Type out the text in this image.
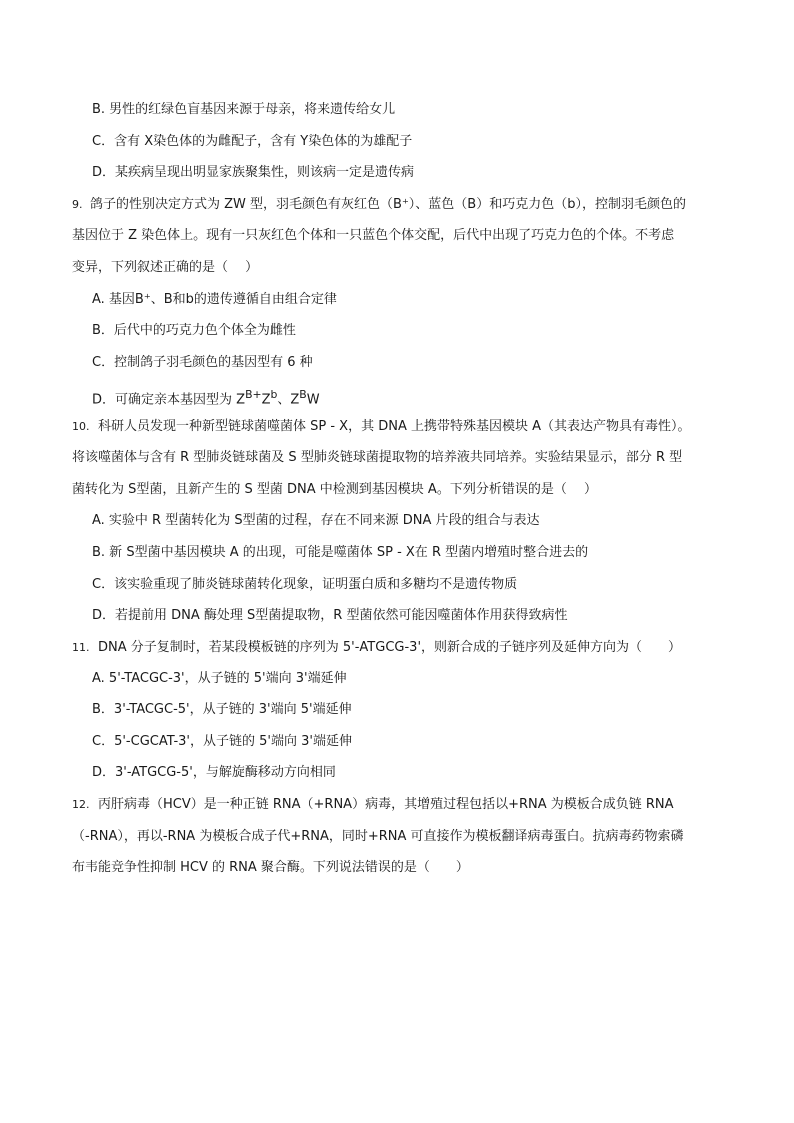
B. 男性的红绿色盲基因来源于母亲，将来遗传给女儿
C．含有 X染色体的为雌配子，含有 Y染色体的为雄配子
D．某疾病呈现出明显家族聚集性，则该病一定是遗传病
9. 鸽子的性别决定方式为 ZW 型，羽毛颜色有灰红色（B⁺）、蓝色（B）和巧克力色（b），控制羽毛颜色的
基因位于 Z 染色体上。现有一只灰红色个体和一只蓝色个体交配，后代中出现了巧克力色的个体。不考虑
变异，下列叙述正确的是（　 ）
A. 基因B⁺、B和b的遗传遵循自由组合定律
B．后代中的巧克力色个体全为雌性
C．控制鸽子羽毛颜色的基因型有 6 种
D．可确定亲本基因型为 $Z^{B+}Z^b$、$Z^BW$
10. 科研人员发现一种新型链球菌噬菌体 SP - X，其 DNA 上携带特殊基因模块 A（其表达产物具有毒性）。
将该噬菌体与含有 R 型肺炎链球菌及 S 型肺炎链球菌提取物的培养液共同培养。实验结果显示，部分 R 型
菌转化为 S型菌，且新产生的 S 型菌 DNA 中检测到基因模块 A。下列分析错误的是（　 ）
A. 实验中 R 型菌转化为 S型菌的过程，存在不同来源 DNA 片段的组合与表达
B. 新 S型菌中基因模块 A 的出现，可能是噬菌体 SP - X在 R 型菌内增殖时整合进去的
C．该实验重现了肺炎链球菌转化现象，证明蛋白质和多糖均不是遗传物质
D．若提前用 DNA 酶处理 S型菌提取物，R 型菌依然可能因噬菌体作用获得致病性
11. DNA 分子复制时，若某段模板链的序列为 5'-ATGCG-3'，则新合成的子链序列及延伸方向为（　　）
A. 5'-TACGC-3'，从子链的 5'端向 3'端延伸
B．3'-TACGC-5'，从子链的 3'端向 5'端延伸
C．5'-CGCAT-3'，从子链的 5'端向 3'端延伸
D．3'-ATGCG-5'，与解旋酶移动方向相同
12. 丙肝病毒（HCV）是一种正链 RNA（+RNA）病毒，其增殖过程包括以+RNA 为模板合成负链 RNA
（-RNA），再以-RNA 为模板合成子代+RNA，同时+RNA 可直接作为模板翻译病毒蛋白。抗病毒药物索磷
布韦能竞争性抑制 HCV 的 RNA 聚合酶。下列说法错误的是（　　）
